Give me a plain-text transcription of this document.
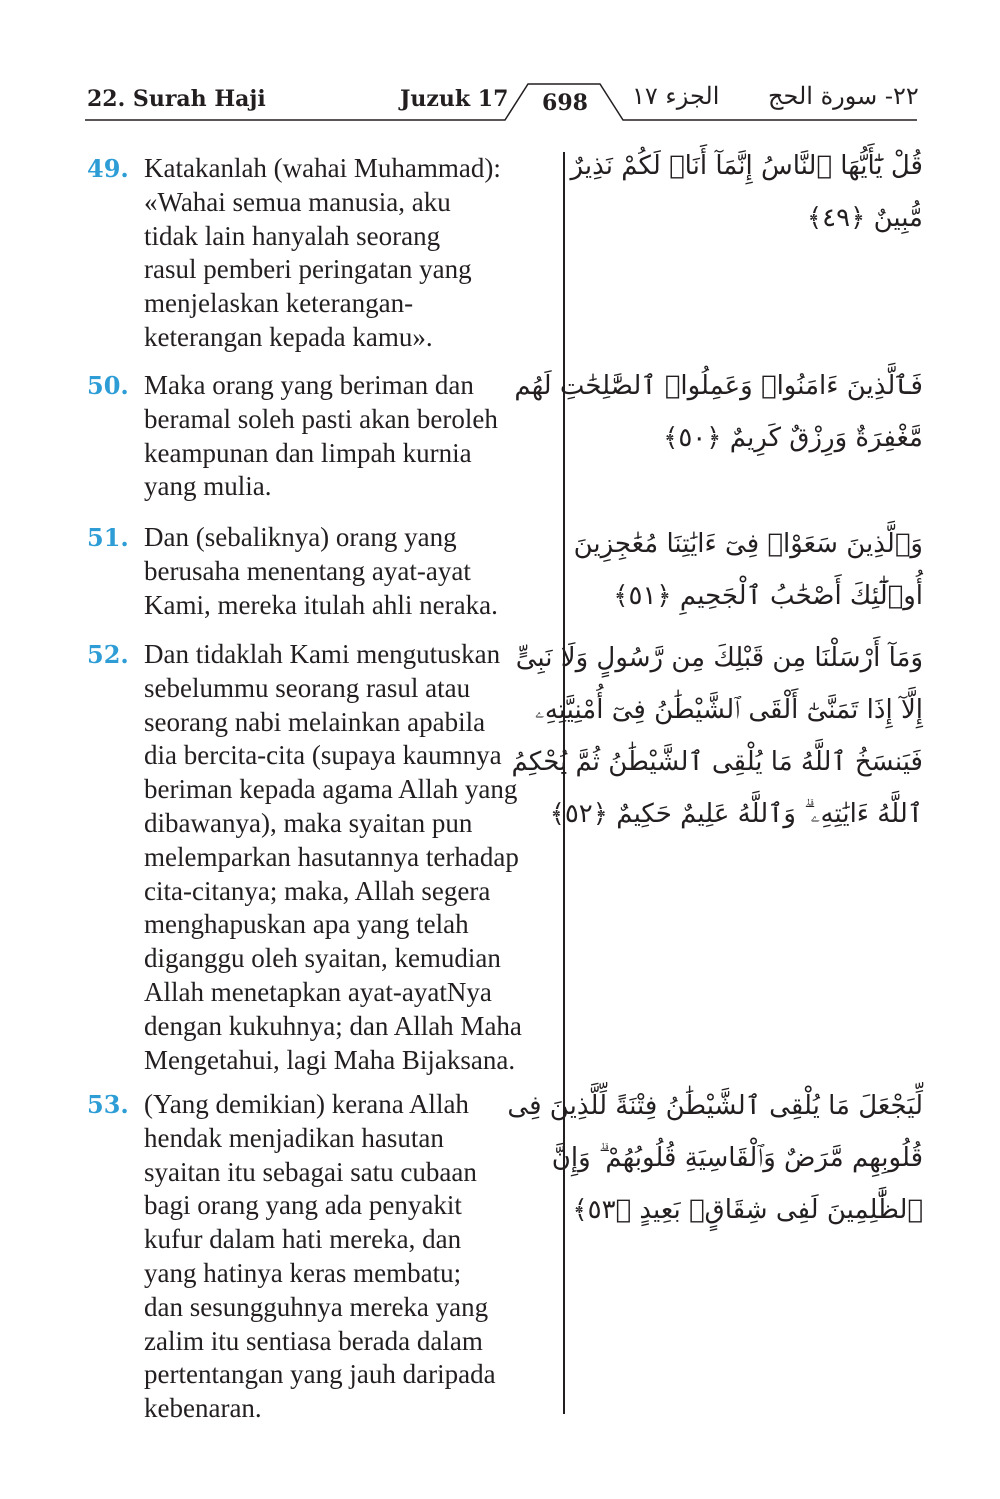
22. Surah Haji	Juzuk 17	698	الجزء ١٧ ٢٢- سورة الحج
49. Katakanlah (wahai Muhammad):
«Wahai semua manusia, aku
tidak lain hanyalah seorang
rasul pemberi peringatan yang
menjelaskan keterangan-
keterangan kepada kamu».
50. Maka orang yang beriman dan
beramal soleh pasti akan beroleh
keampunan dan limpah kurnia
yang mulia.
51. Dan (sebaliknya) orang yang
berusaha menentang ayat-ayat
Kami, mereka itulah ahli neraka.
52. Dan tidaklah Kami mengutuskan
sebelummu seorang rasul atau
seorang nabi melainkan apabila
dia bercita-cita (supaya kaumnya
beriman kepada agama Allah yang
dibawanya), maka syaitan pun
melemparkan hasutannya terhadap
cita-citanya; maka, Allah segera
menghapuskan apa yang telah
diganggu oleh syaitan, kemudian
Allah menetapkan ayat-ayatNya
dengan kukuhnya; dan Allah Maha
Mengetahui, lagi Maha Bijaksana.
53. (Yang demikian) kerana Allah
hendak menjadikan hasutan
syaitan itu sebagai satu cubaan
bagi orang yang ada penyakit
kufur dalam hati mereka, dan
yang hatinya keras membatu;
dan sesungguhnya mereka yang
zalim itu sentiasa berada dalam
pertentangan yang jauh daripada
kebenaran.
قُلْ يَٰٓأَيُّهَا ٱلنَّاسُ إِنَّمَآ أَنَا۠ لَكُمْ نَذِيرٌ
مُّبِينٌ ﴿٤٩﴾
فَٱلَّذِينَ ءَامَنُوا۟ وَعَمِلُوا۟ ٱلصَّٰلِحَٰتِ لَهُم
مَّغْفِرَةٌ وَرِزْقٌ كَرِيمٌ ﴿٥٠﴾
وَٱلَّذِينَ سَعَوْا۟ فِىٓ ءَايَٰتِنَا مُعَٰجِزِينَ
أُو۟لَٰٓئِكَ أَصْحَٰبُ ٱلْجَحِيمِ ﴿٥١﴾
وَمَآ أَرْسَلْنَا مِن قَبْلِكَ مِن رَّسُولٍ وَلَا نَبِىٍّ
إِلَّآ إِذَا تَمَنَّىٰٓ أَلْقَى ٱلشَّيْطَٰنُ فِىٓ أُمْنِيَّتِهِۦ
فَيَنسَخُ ٱللَّهُ مَا يُلْقِى ٱلشَّيْطَٰنُ ثُمَّ يُحْكِمُ
ٱللَّهُ ءَايَٰتِهِۦ ۗ وَٱللَّهُ عَلِيمٌ حَكِيمٌ ﴿٥٢﴾
لِّيَجْعَلَ مَا يُلْقِى ٱلشَّيْطَٰنُ فِتْنَةً لِّلَّذِينَ فِى
قُلُوبِهِم مَّرَضٌ وَٱلْقَاسِيَةِ قُلُوبُهُمْ ۗ وَإِنَّ
ٱلظَّٰلِمِينَ لَفِى شِقَاقٍۭ بَعِيدٍ ﴿٥٣﴾
